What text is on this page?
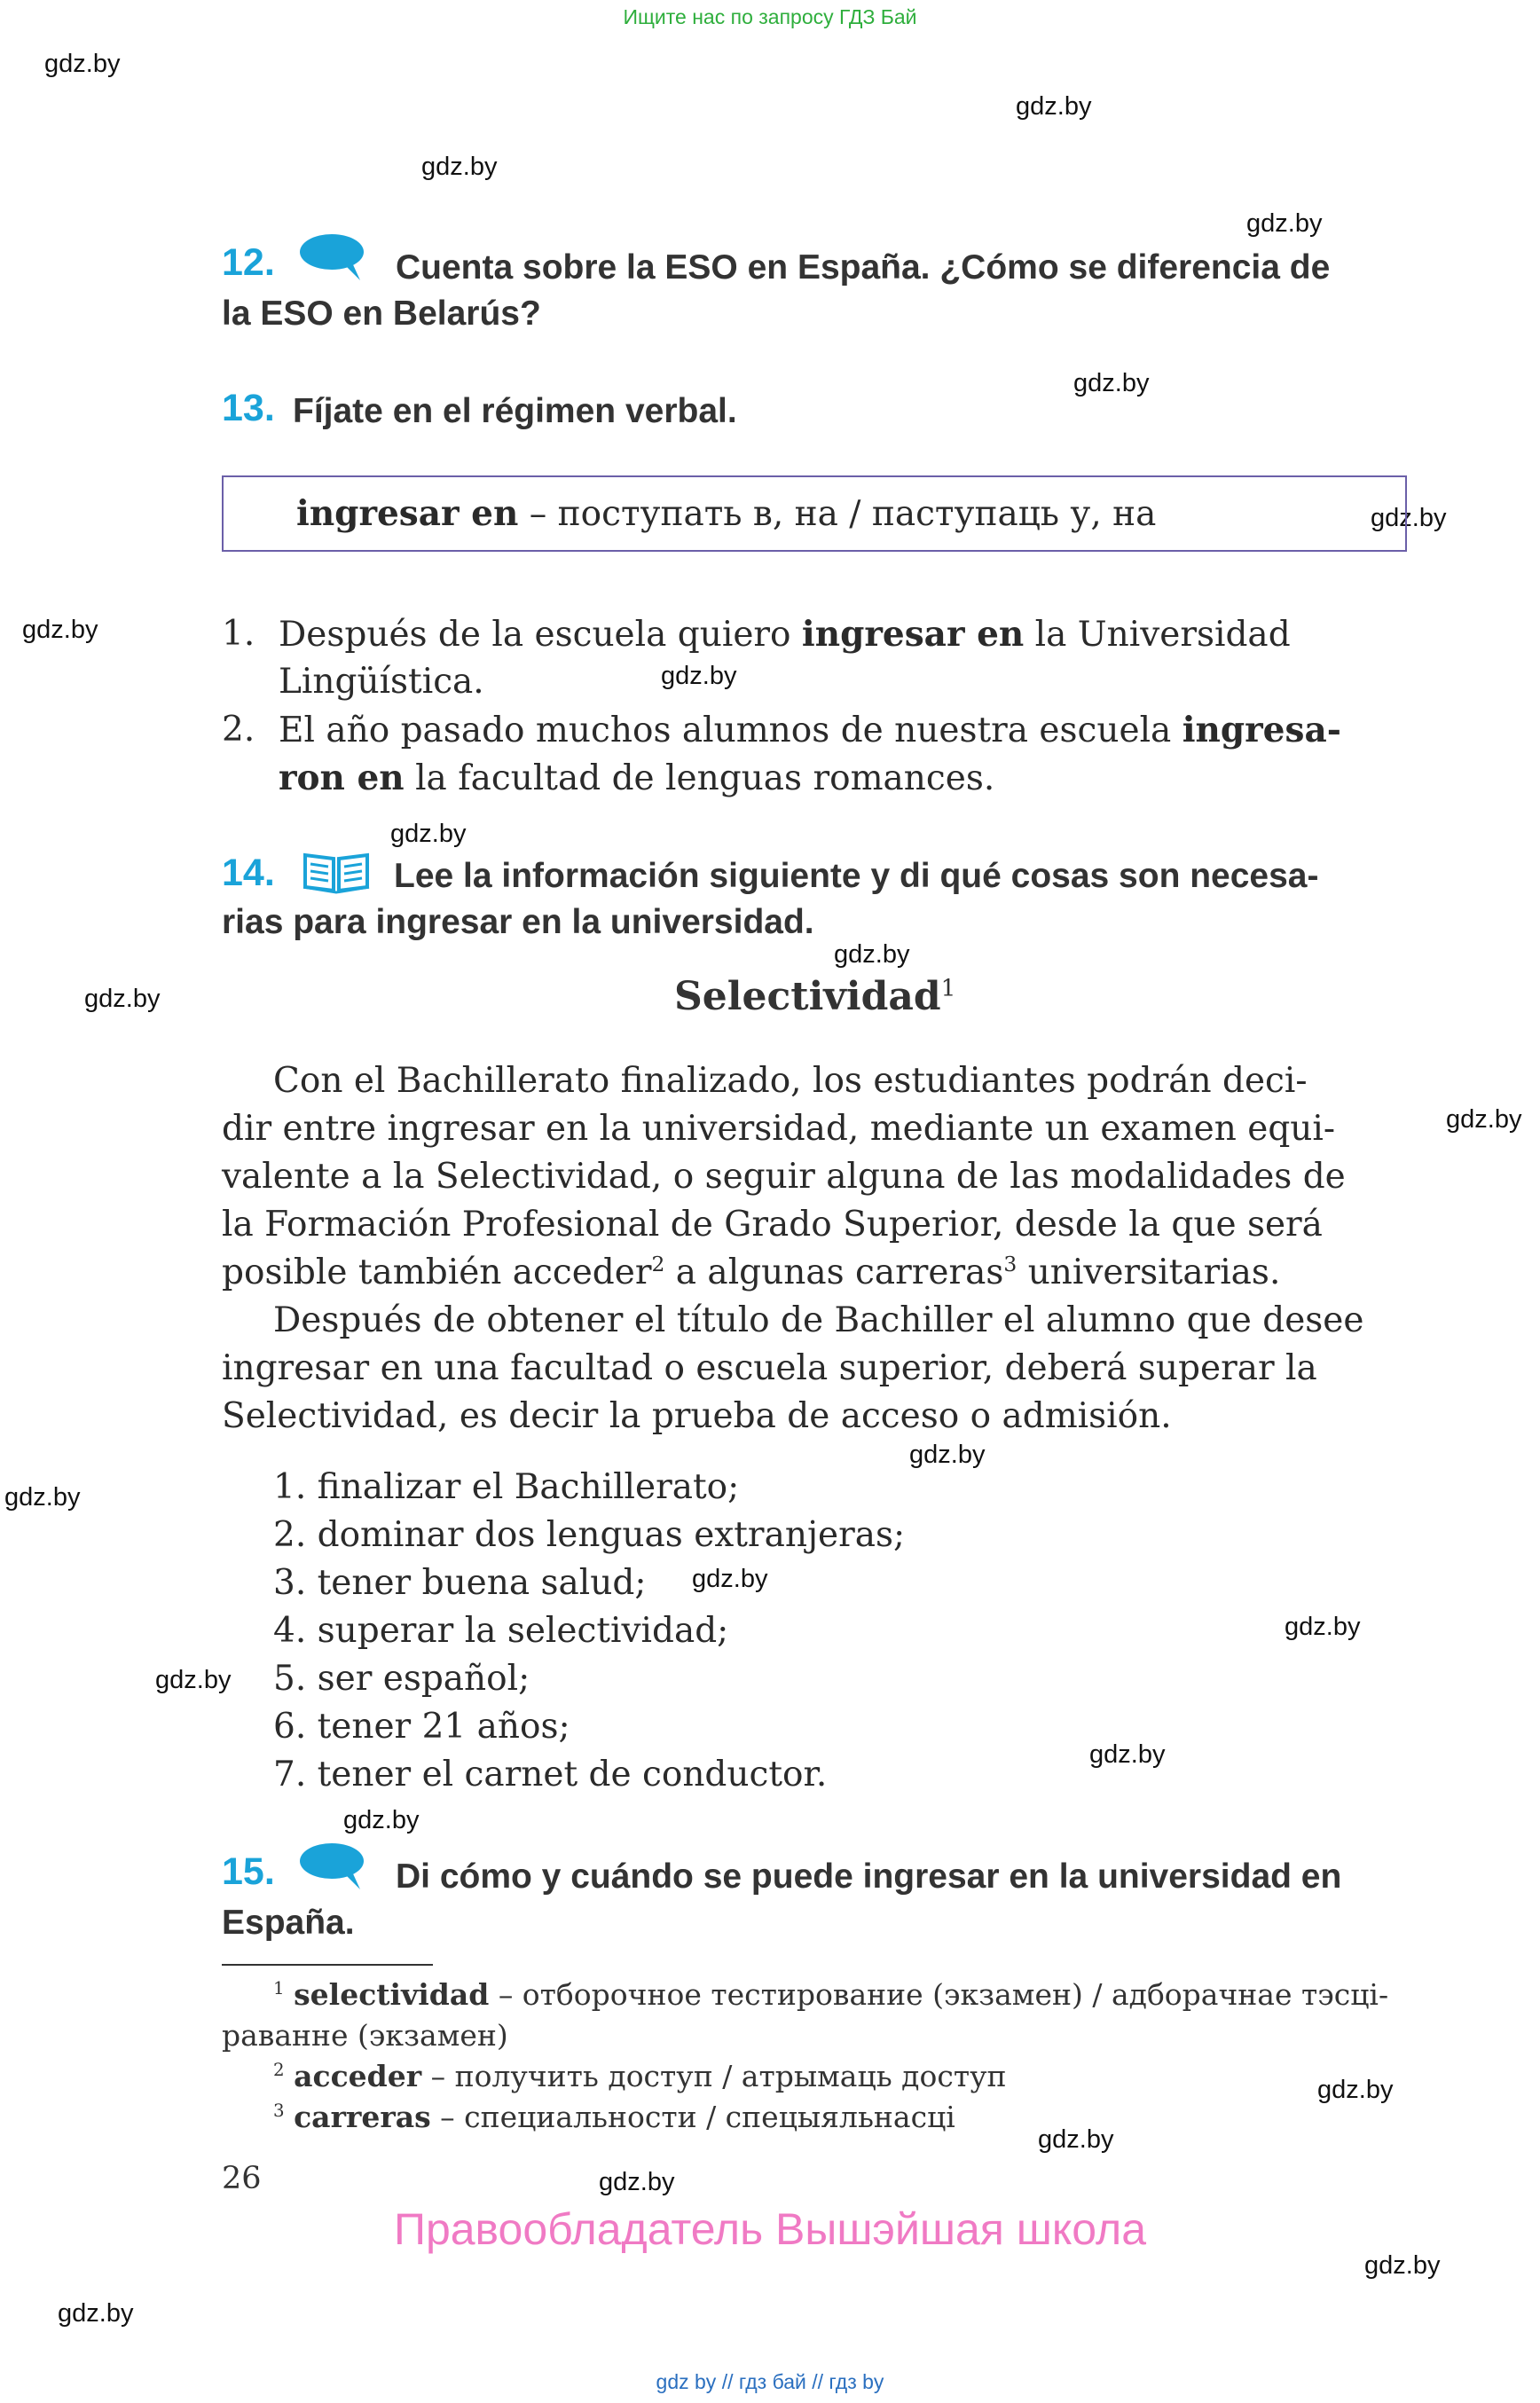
Ищите нас по запросу ГДЗ Бай
gdz.by
gdz.by
gdz.by
gdz.by
gdz.by
gdz.by
gdz.by
gdz.by
gdz.by
gdz.by
gdz.by
gdz.by
gdz.by
gdz.by
gdz.by
gdz.by
gdz.by
gdz.by
gdz.by
gdz.by
gdz.by
gdz.by
gdz.by
gdz.by
12.	Cuenta sobre la ESO en España. ¿Cómo se diferencia de
la ESO en Belarús?
13. Fíjate en el régimen verbal.
ingresar en – поступать в, на / паступаць у, на
1. Después de la escuela quiero ingresar en la Universidad
Lingüística.
2. El año pasado muchos alumnos de nuestra escuela ingresa-
ron en la facultad de lenguas romances.
14.	Lee la información siguiente y di qué cosas son necesa-
rias para ingresar en la universidad.
Selectividad$^1$
Con el Bachillerato finalizado, los estudiantes podrán deci-
dir entre ingresar en la universidad, mediante un examen equi-
valente a la Selectividad, o seguir alguna de las modalidades de
la Formación Profesional de Grado Superior, desde la que será
posible también acceder$^2$ a algunas carreras$^3$ universitarias.
Después de obtener el título de Bachiller el alumno que desee
ingresar en una facultad o escuela superior, deberá superar la
Selectividad, es decir la prueba de acceso o admisión.
1. finalizar el Bachillerato;
2. dominar dos lenguas extranjeras;
3. tener buena salud;
4. superar la selectividad;
5. ser español;
6. tener 21 años;
7. tener el carnet de conductor.
15.	Di cómo y cuándo se puede ingresar en la universidad en
España.
$^1$ selectividad – отборочное тестирование (экзамен) / адборачнае тэсці-
раванне (экзамен)
$^2$ acceder – получить доступ / атрымаць доступ
$^3$ carreras – специальности / спецыяльнасці
26
Правообладатель Вышэйшая школа
gdz by // гдз бай // гдз by
